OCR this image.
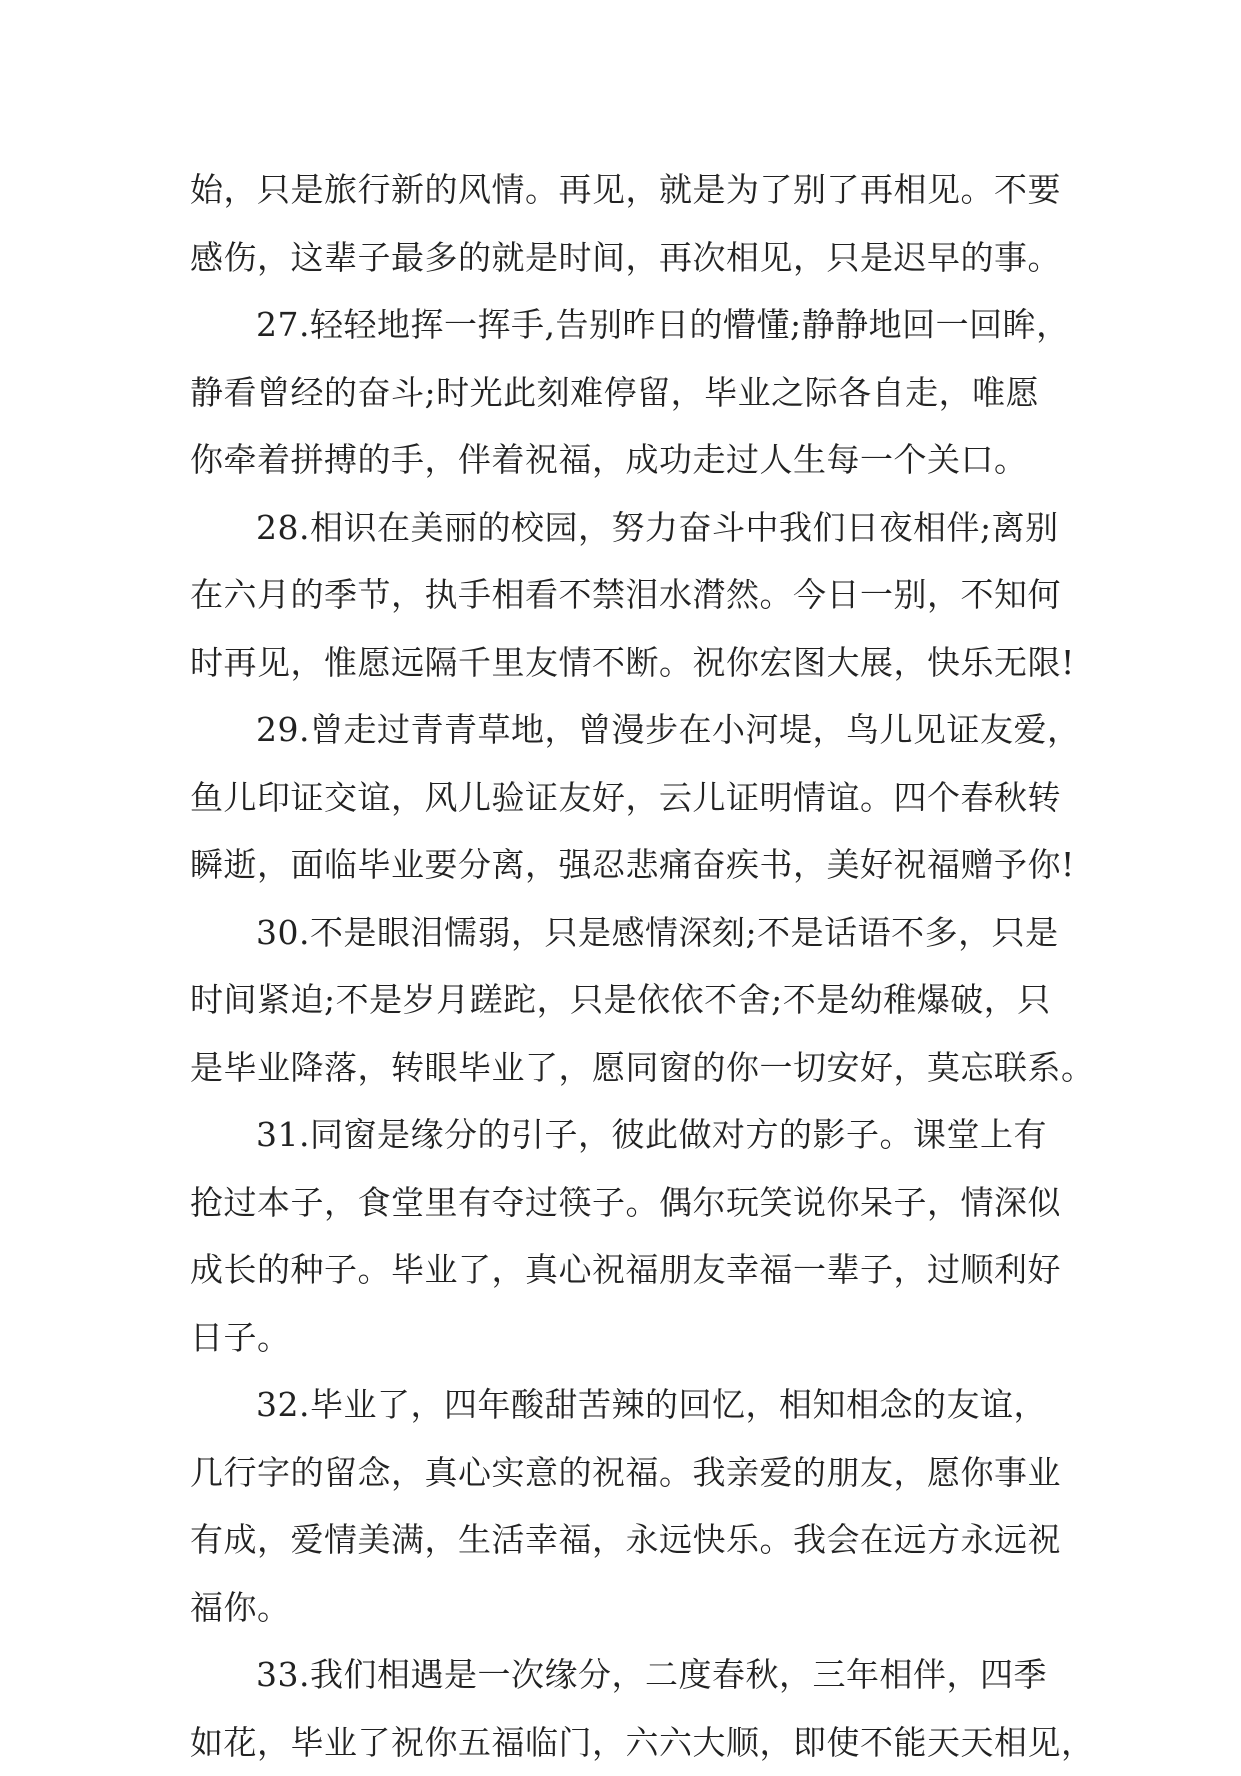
始，只是旅行新的风情。再见，就是为了别了再相见。不要
感伤，这辈子最多的就是时间，再次相见，只是迟早的事。
27.轻轻地挥一挥手,告别昨日的懵懂;静静地回一回眸，
静看曾经的奋斗;时光此刻难停留，毕业之际各自走，唯愿
你牵着拼搏的手，伴着祝福，成功走过人生每一个关口。
28.相识在美丽的校园，努力奋斗中我们日夜相伴;离别
在六月的季节，执手相看不禁泪水潸然。今日一别，不知何
时再见，惟愿远隔千里友情不断。祝你宏图大展，快乐无限!
29.曾走过青青草地，曾漫步在小河堤，鸟儿见证友爱，
鱼儿印证交谊，风儿验证友好，云儿证明情谊。四个春秋转
瞬逝，面临毕业要分离，强忍悲痛奋疾书，美好祝福赠予你!
30.不是眼泪懦弱，只是感情深刻;不是话语不多，只是
时间紧迫;不是岁月蹉跎，只是依依不舍;不是幼稚爆破，只
是毕业降落，转眼毕业了，愿同窗的你一切安好，莫忘联系。
31.同窗是缘分的引子，彼此做对方的影子。课堂上有
抢过本子，食堂里有夺过筷子。偶尔玩笑说你呆子，情深似
成长的种子。毕业了，真心祝福朋友幸福一辈子，过顺利好
日子。
32.毕业了，四年酸甜苦辣的回忆，相知相念的友谊，
几行字的留念，真心实意的祝福。我亲爱的朋友，愿你事业
有成，爱情美满，生活幸福，永远快乐。我会在远方永远祝
福你。
33.我们相遇是一次缘分，二度春秋，三年相伴，四季
如花，毕业了祝你五福临门，六六大顺，即使不能天天相见，
